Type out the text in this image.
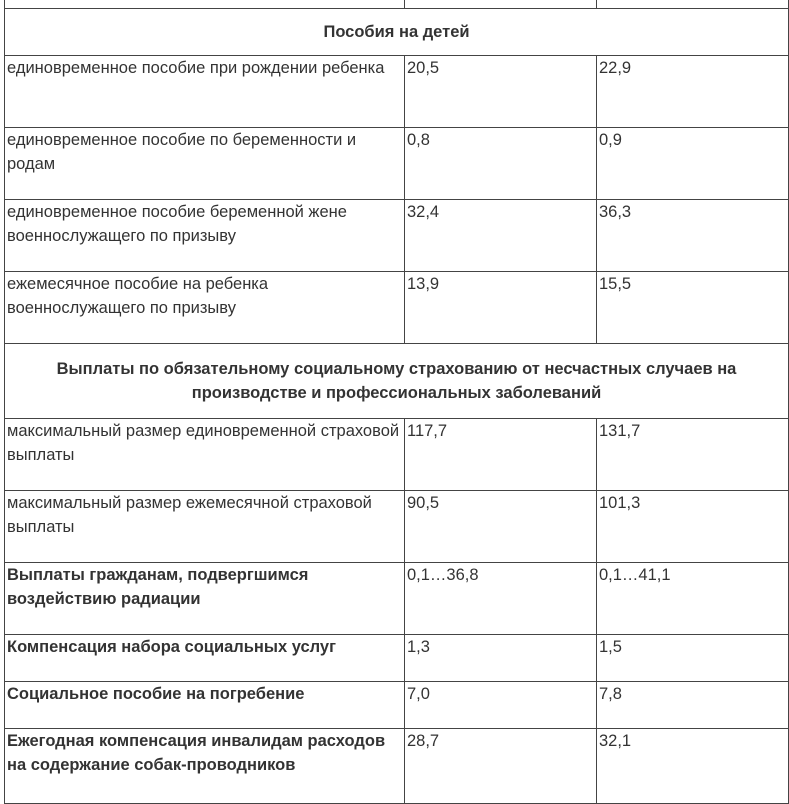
Пособия на детей		
единовременное пособие при рождении ребенка	20,5	22,9
единовременное пособие по беременности и родам	0,8	0,9
единовременное пособие беременной жене военнослужащего по призыву	32,4	36,3
ежемесячное пособие на ребенка военнослужащего по призыву	13,9	15,5
Выплаты по обязательному социальному страхованию от несчастных случаев на производстве и профессиональных заболеваний		
максимальный размер единовременной страховой выплаты	117,7	131,7
максимальный размер ежемесячной страховой выплаты	90,5	101,3
Выплаты гражданам, подвергшимся воздействию радиации	0,1…36,8	0,1…41,1
Компенсация набора социальных услуг	1,3	1,5
Социальное пособие на погребение	7,0	7,8
Ежегодная компенсация инвалидам расходов на содержание собак-проводников	28,7	32,1
